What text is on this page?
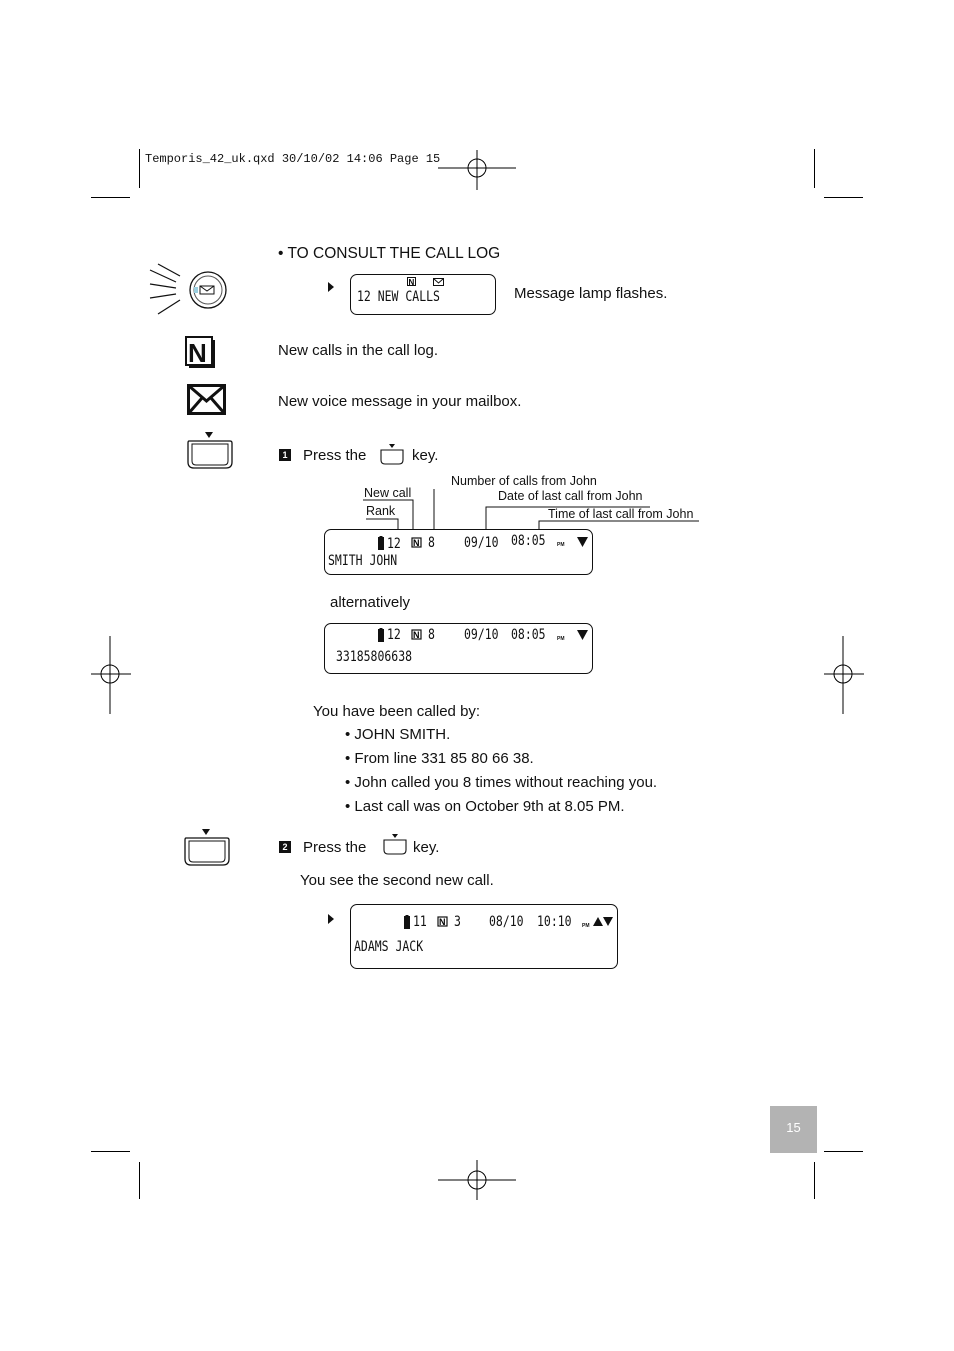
Temporis_42_uk.qxd 30/10/02 14:06 Page 15
• TO CONSULT THE CALL LOG
N
12 NEW CALLS	Message lamp flashes.
N	New calls in the call log.
New voice message in your mailbox.
1 Press the	key.
Number of calls from John
New call	Date of last call from John
Rank	Time of last call from John
12 N 8 09/10 08:05 PM
SMITH JOHN
alternatively
12 N 8 09/10 08:05 PM
33185806638
You have been called by:
• JOHN SMITH.
• From line 331 85 80 66 38.
• John called you 8 times without reaching you.
• Last call was on October 9th at 8.05 PM.
2 Press the	key.
You see the second new call.
11 N 3 08/10 10:10 PM
ADAMS JACK
15
